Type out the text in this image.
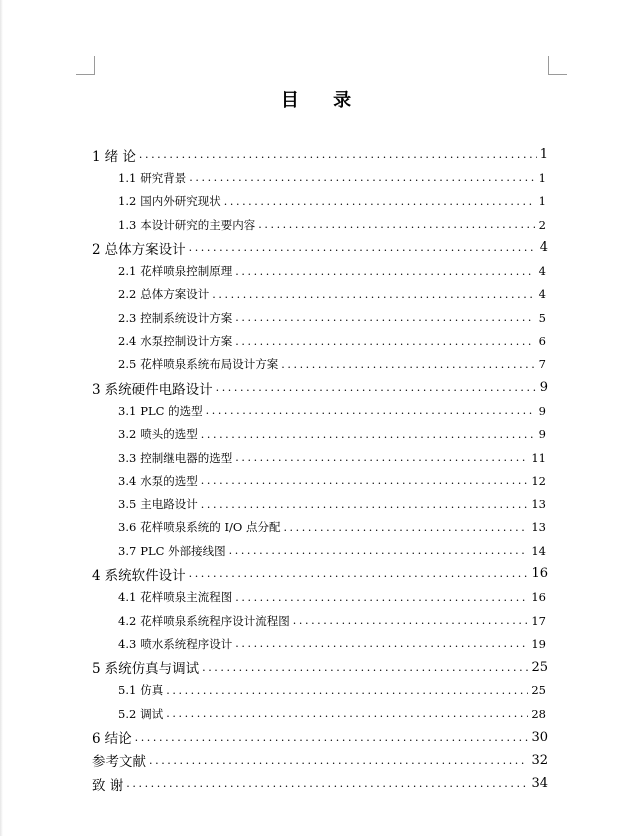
目 录
1 绪 论 .....	1
1.1 研究背景 .....	1
1.2 国内外研究现状 .....	1
1.3 本设计研究的主要内容 .....	2
2 总体方案设计 .....	4
2.1 花样喷泉控制原理 .....	4
2.2 总体方案设计 .....	4
2.3 控制系统设计方案 .....	5
2.4 水泵控制设计方案 .....	6
2.5 花样喷泉系统布局设计方案 .....	7
3 系统硬件电路设计 .....	9
3.1 PLC 的选型 .....	9
3.2 喷头的选型 .....	9
3.3 控制继电器的选型 .....	11
3.4 水泵的选型 .....	12
3.5 主电路设计 .....	13
3.6 花样喷泉系统的 I/O 点分配 .....	13
3.7 PLC 外部接线图 .....	14
4 系统软件设计 .....	16
4.1 花样喷泉主流程图 .....	16
4.2 花样喷泉系统程序设计流程图 .....	17
4.3 喷水系统程序设计 .....	19
5 系统仿真与调试 .....	25
5.1 仿真 .....	25
5.2 调试 .....	28
6 结论 .....	30
参考文献 .....	32
致 谢 .....	34
